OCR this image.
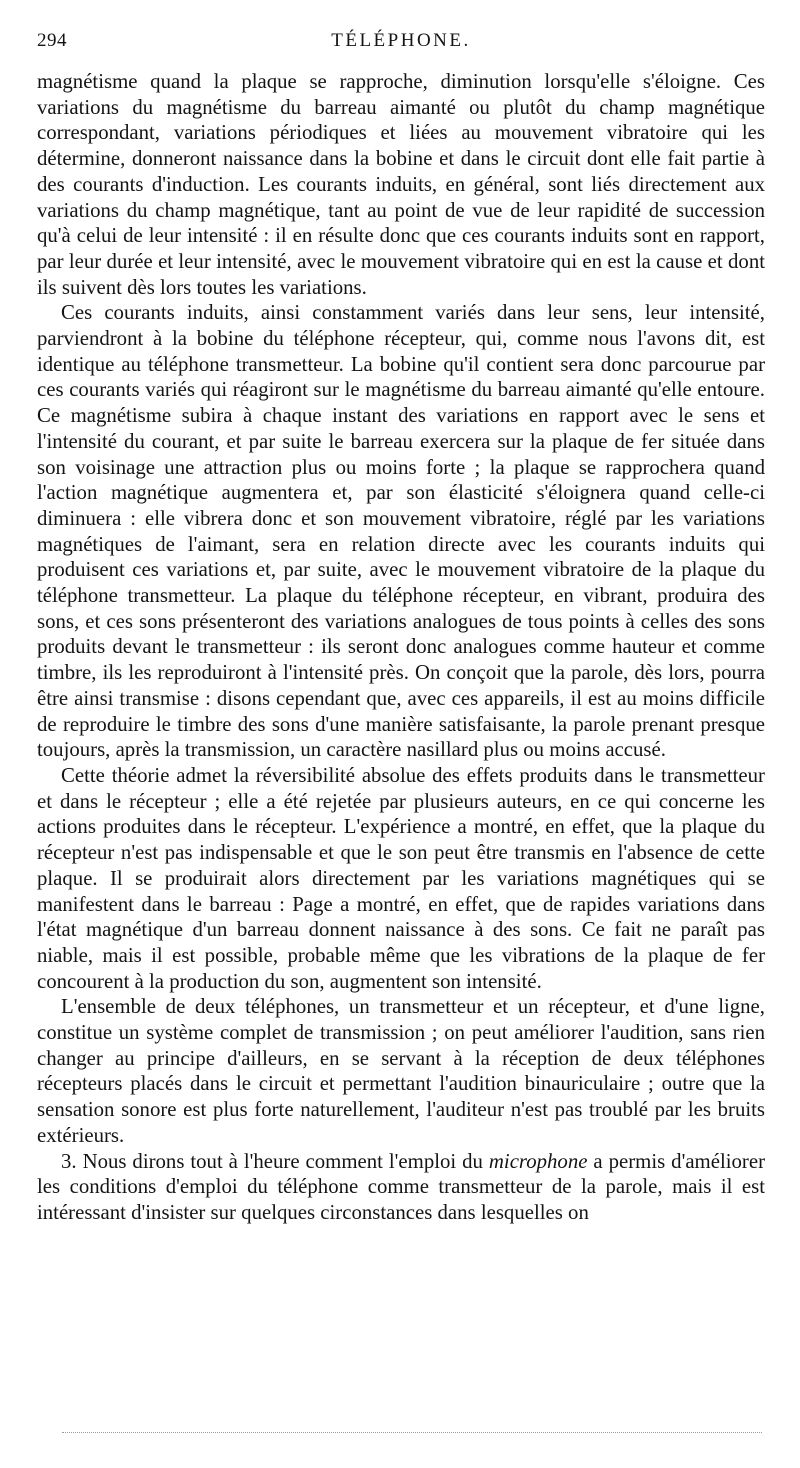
294	TÉLÉPHONE.

magnétisme quand la plaque se rapproche, diminution lorsqu'elle s'éloigne. Ces variations du magnétisme du barreau aimanté ou plutôt du champ magnétique correspondant, variations périodiques et liées au mouvement vibratoire qui les détermine, donneront naissance dans la bobine et dans le circuit dont elle fait partie à des courants d'induction. Les courants induits, en général, sont liés directement aux variations du champ magnétique, tant au point de vue de leur rapidité de succession qu'à celui de leur intensité : il en résulte donc que ces courants induits sont en rapport, par leur durée et leur intensité, avec le mouvement vibratoire qui en est la cause et dont ils suivent dès lors toutes les variations.

Ces courants induits, ainsi constamment variés dans leur sens, leur intensité, parviendront à la bobine du téléphone récepteur, qui, comme nous l'avons dit, est identique au téléphone transmetteur. La bobine qu'il contient sera donc parcourue par ces courants variés qui réagiront sur le magnétisme du barreau aimanté qu'elle entoure. Ce magnétisme subira à chaque instant des variations en rapport avec le sens et l'intensité du courant, et par suite le barreau exercera sur la plaque de fer située dans son voisinage une attraction plus ou moins forte ; la plaque se rapprochera quand l'action magnétique augmentera et, par son élasticité s'éloignera quand celle-ci diminuera : elle vibrera donc et son mouvement vibratoire, réglé par les variations magnétiques de l'aimant, sera en relation directe avec les courants induits qui produisent ces variations et, par suite, avec le mouvement vibratoire de la plaque du téléphone transmetteur. La plaque du téléphone récepteur, en vibrant, produira des sons, et ces sons présenteront des variations analogues de tous points à celles des sons produits devant le transmetteur : ils seront donc analogues comme hauteur et comme timbre, ils les reproduiront à l'intensité près. On conçoit que la parole, dès lors, pourra être ainsi transmise : disons cependant que, avec ces appareils, il est au moins difficile de reproduire le timbre des sons d'une manière satisfaisante, la parole prenant presque toujours, après la transmission, un caractère nasillard plus ou moins accusé.

Cette théorie admet la réversibilité absolue des effets produits dans le transmetteur et dans le récepteur ; elle a été rejetée par plusieurs auteurs, en ce qui concerne les actions produites dans le récepteur. L'expérience a montré, en effet, que la plaque du récepteur n'est pas indispensable et que le son peut être transmis en l'absence de cette plaque. Il se produirait alors directement par les variations magnétiques qui se manifestent dans le barreau : Page a montré, en effet, que de rapides variations dans l'état magnétique d'un barreau donnent naissance à des sons. Ce fait ne paraît pas niable, mais il est possible, probable même que les vibrations de la plaque de fer concourent à la production du son, augmentent son intensité.

L'ensemble de deux téléphones, un transmetteur et un récepteur, et d'une ligne, constitue un système complet de transmission ; on peut améliorer l'audition, sans rien changer au principe d'ailleurs, en se servant à la réception de deux téléphones récepteurs placés dans le circuit et permettant l'audition binauriculaire ; outre que la sensation sonore est plus forte naturellement, l'auditeur n'est pas troublé par les bruits extérieurs.

3. Nous dirons tout à l'heure comment l'emploi du microphone a permis d'améliorer les conditions d'emploi du téléphone comme transmetteur de la parole, mais il est intéressant d'insister sur quelques circonstances dans lesquelles on
